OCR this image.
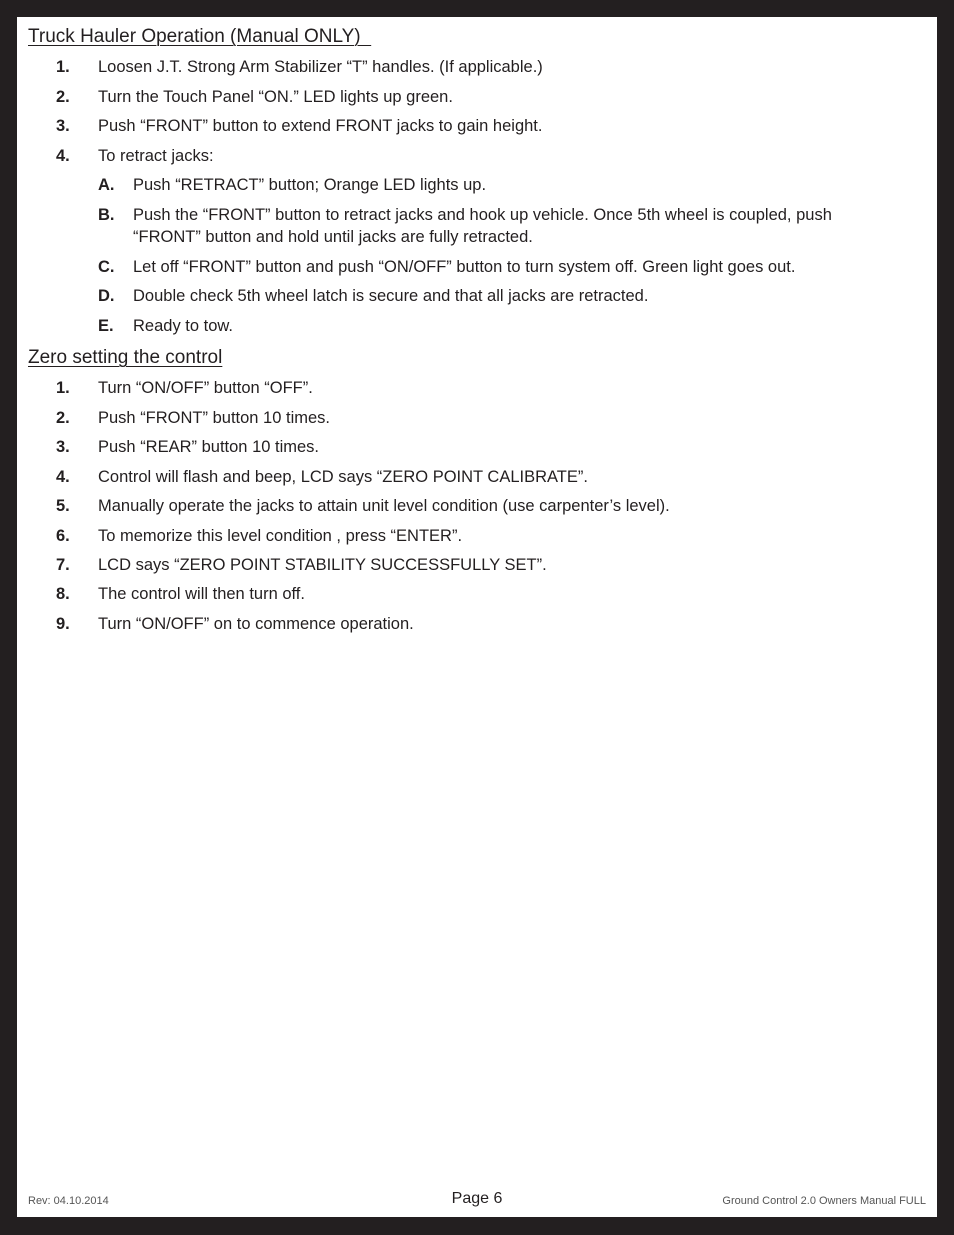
Truck Hauler Operation (Manual ONLY)
1. Loosen J.T. Strong Arm Stabilizer “T” handles. (If applicable.)
2. Turn the Touch Panel “ON.” LED lights up green.
3. Push “FRONT” button to extend FRONT jacks to gain height.
4. To retract jacks:
A. Push “RETRACT” button; Orange LED lights up.
B. Push the “FRONT” button to retract jacks and hook up vehicle. Once 5th wheel is coupled, push “FRONT” button and hold until jacks are fully retracted.
C. Let off “FRONT” button and push “ON/OFF” button to turn system off. Green light goes out.
D. Double check 5th wheel latch is secure and that all jacks are retracted.
E. Ready to tow.
Zero setting the control
1. Turn “ON/OFF” button “OFF”.
2. Push “FRONT” button 10 times.
3. Push “REAR” button 10 times.
4. Control will flash and beep, LCD says “ZERO POINT CALIBRATE”.
5. Manually operate the jacks to attain unit level condition (use carpenter’s level).
6. To memorize this level condition , press “ENTER”.
7. LCD says “ZERO POINT STABILITY SUCCESSFULLY SET”.
8. The control will then turn off.
9. Turn “ON/OFF” on to commence operation.
Rev: 04.10.2014	Page 6	Ground Control 2.0 Owners Manual FULL
